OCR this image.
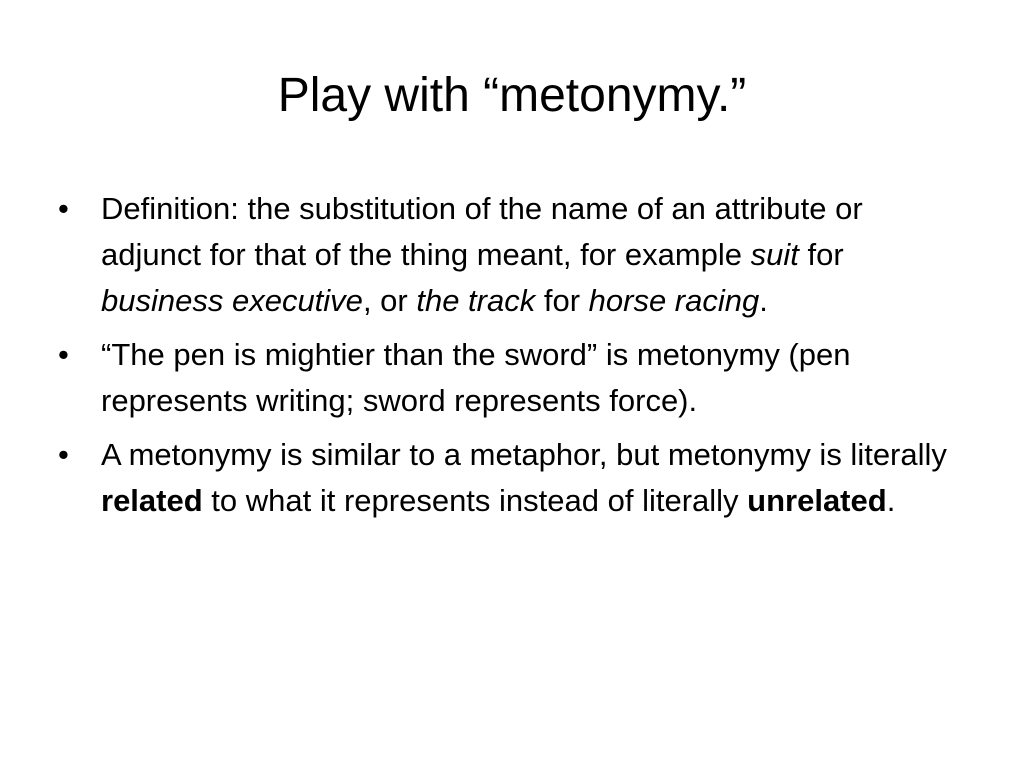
Play with “metonymy.”
•	Definition: the substitution of the name of an attribute or adjunct for that of the thing meant, for example suit for business executive, or the track for horse racing.
•	“The pen is mightier than the sword” is metonymy (pen represents writing; sword represents force).
•	A metonymy is similar to a metaphor, but metonymy is literally related to what it represents instead of literally unrelated.
